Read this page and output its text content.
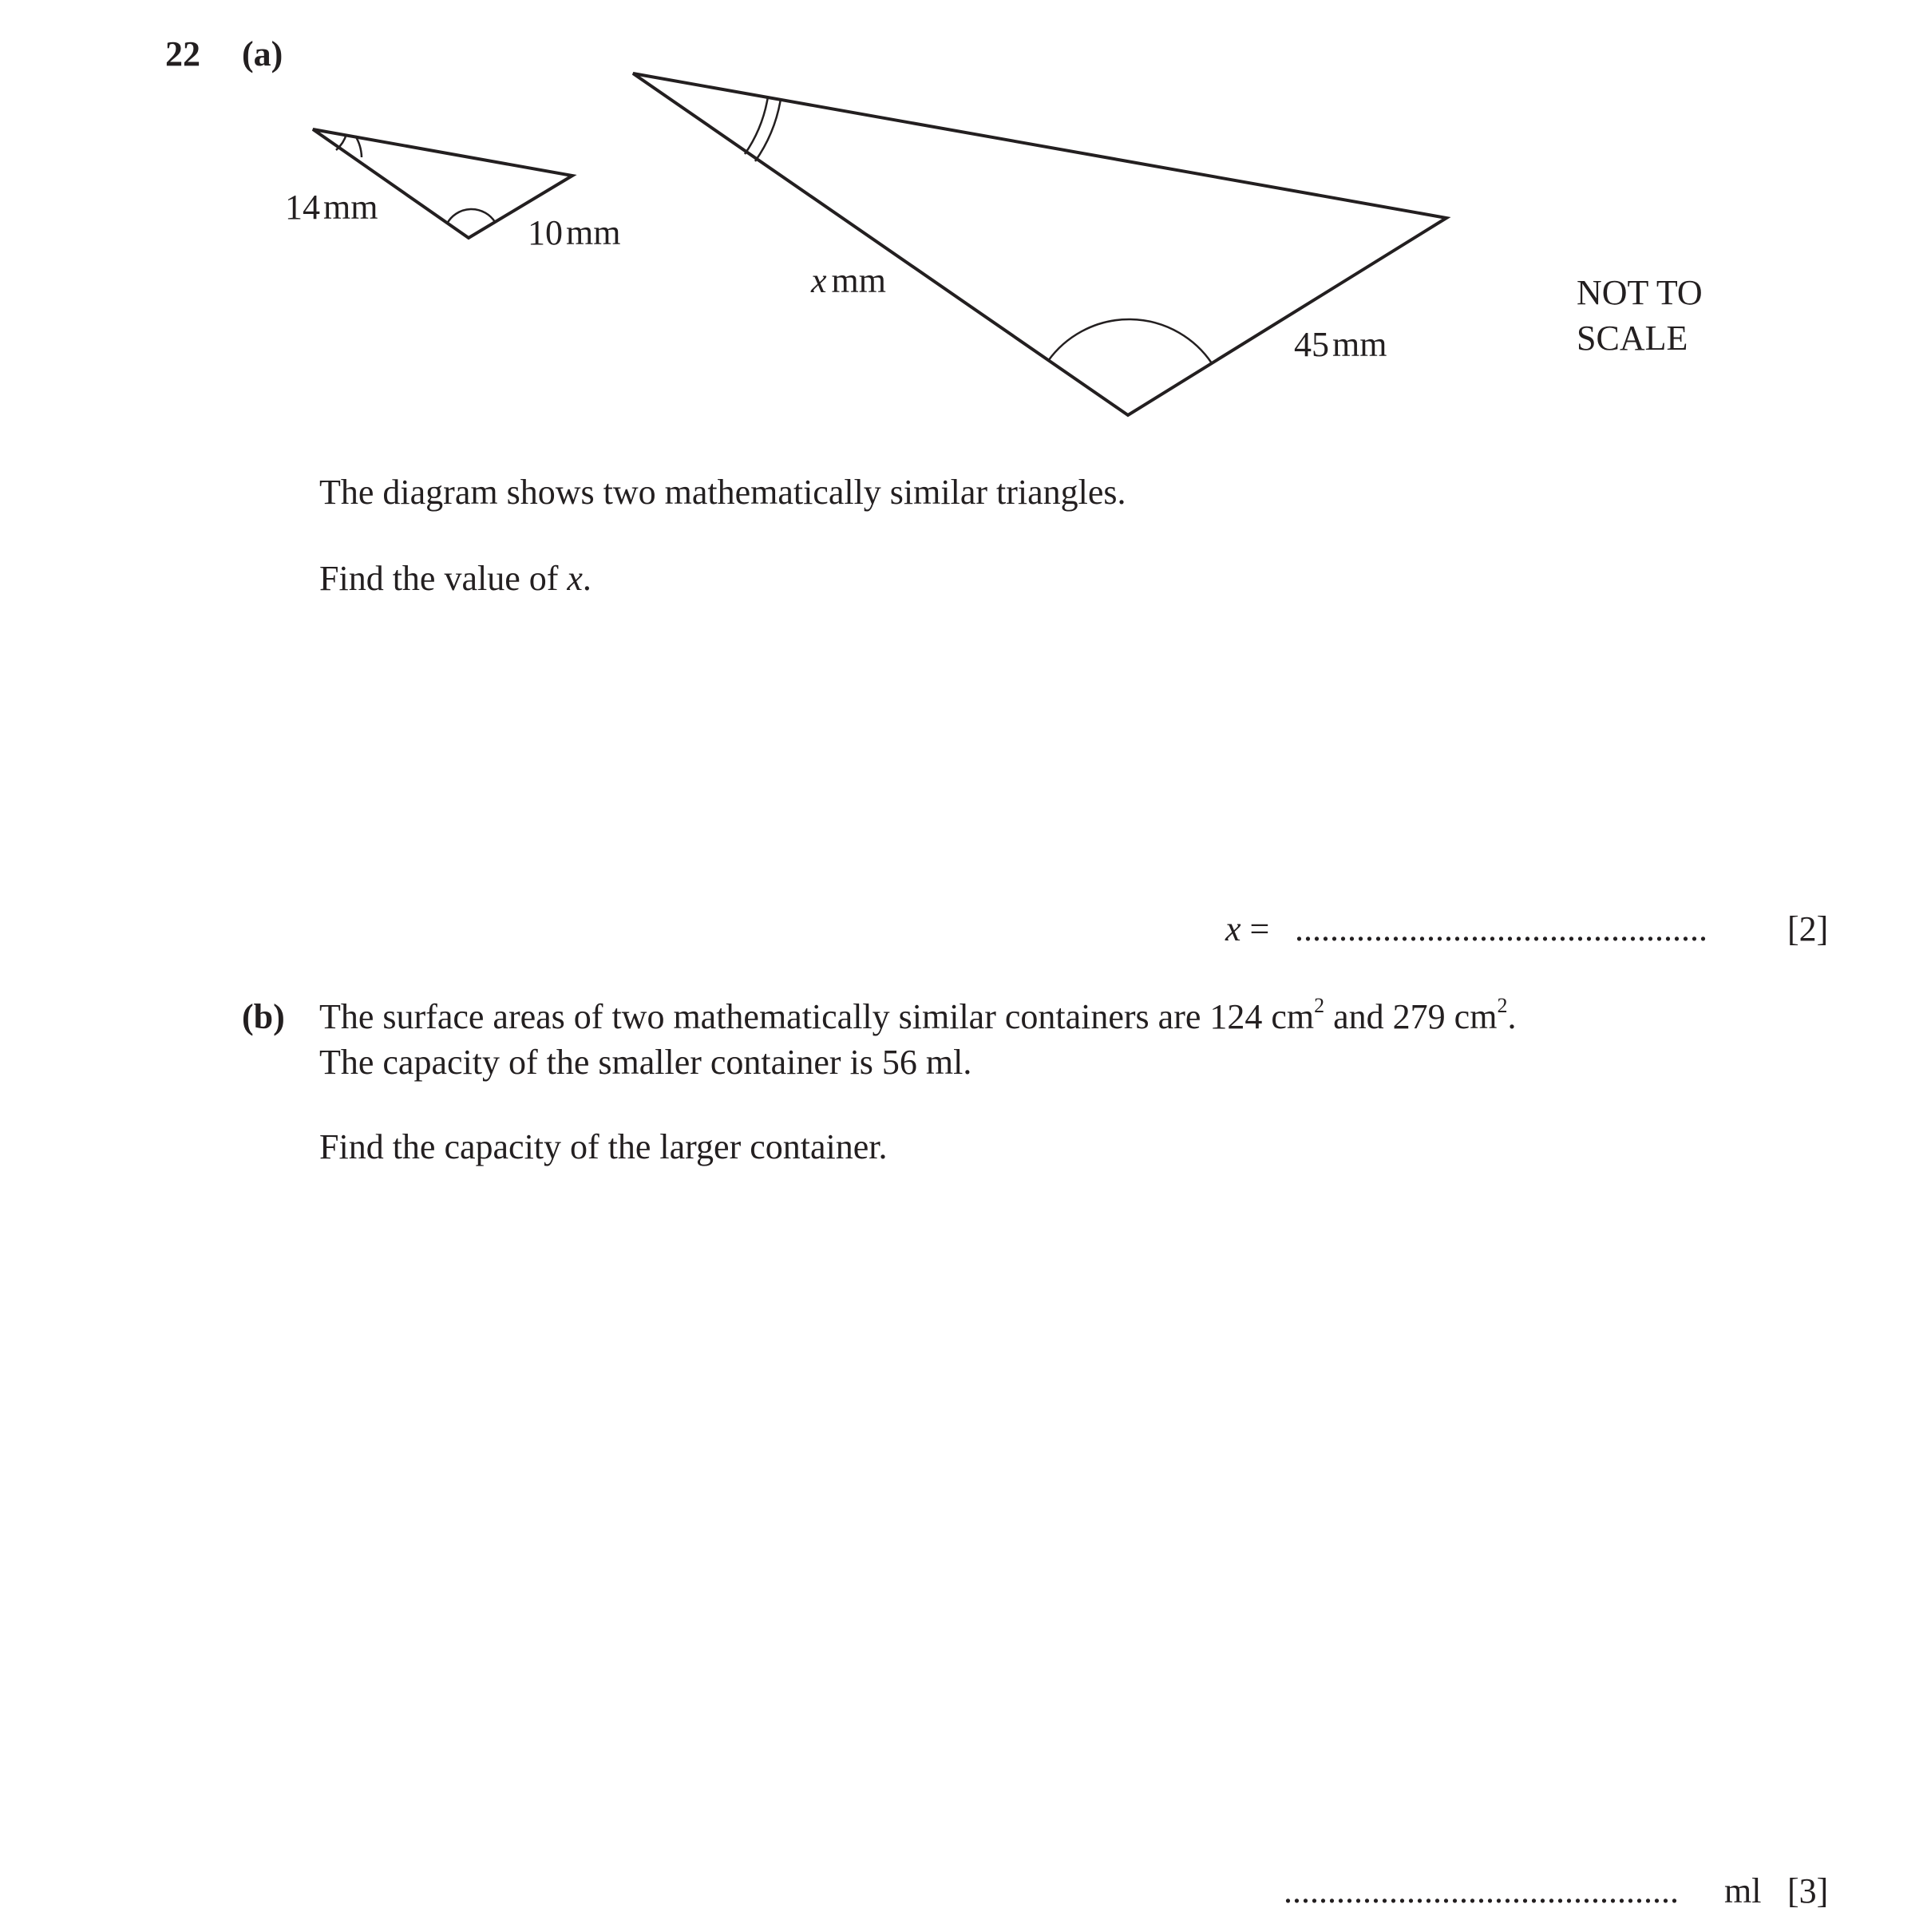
22 (a)
14mm
10mm
x mm
45mm
NOT TO
SCALE
The diagram shows two mathematically similar triangles.
Find the value of x.
x = ............................................... [2]
(b) The surface areas of two mathematically similar containers are 124 $cm^2$ and 279 $cm^2$.
The capacity of the smaller container is 56 ml.
Find the capacity of the larger container.
............................................. ml [3]
